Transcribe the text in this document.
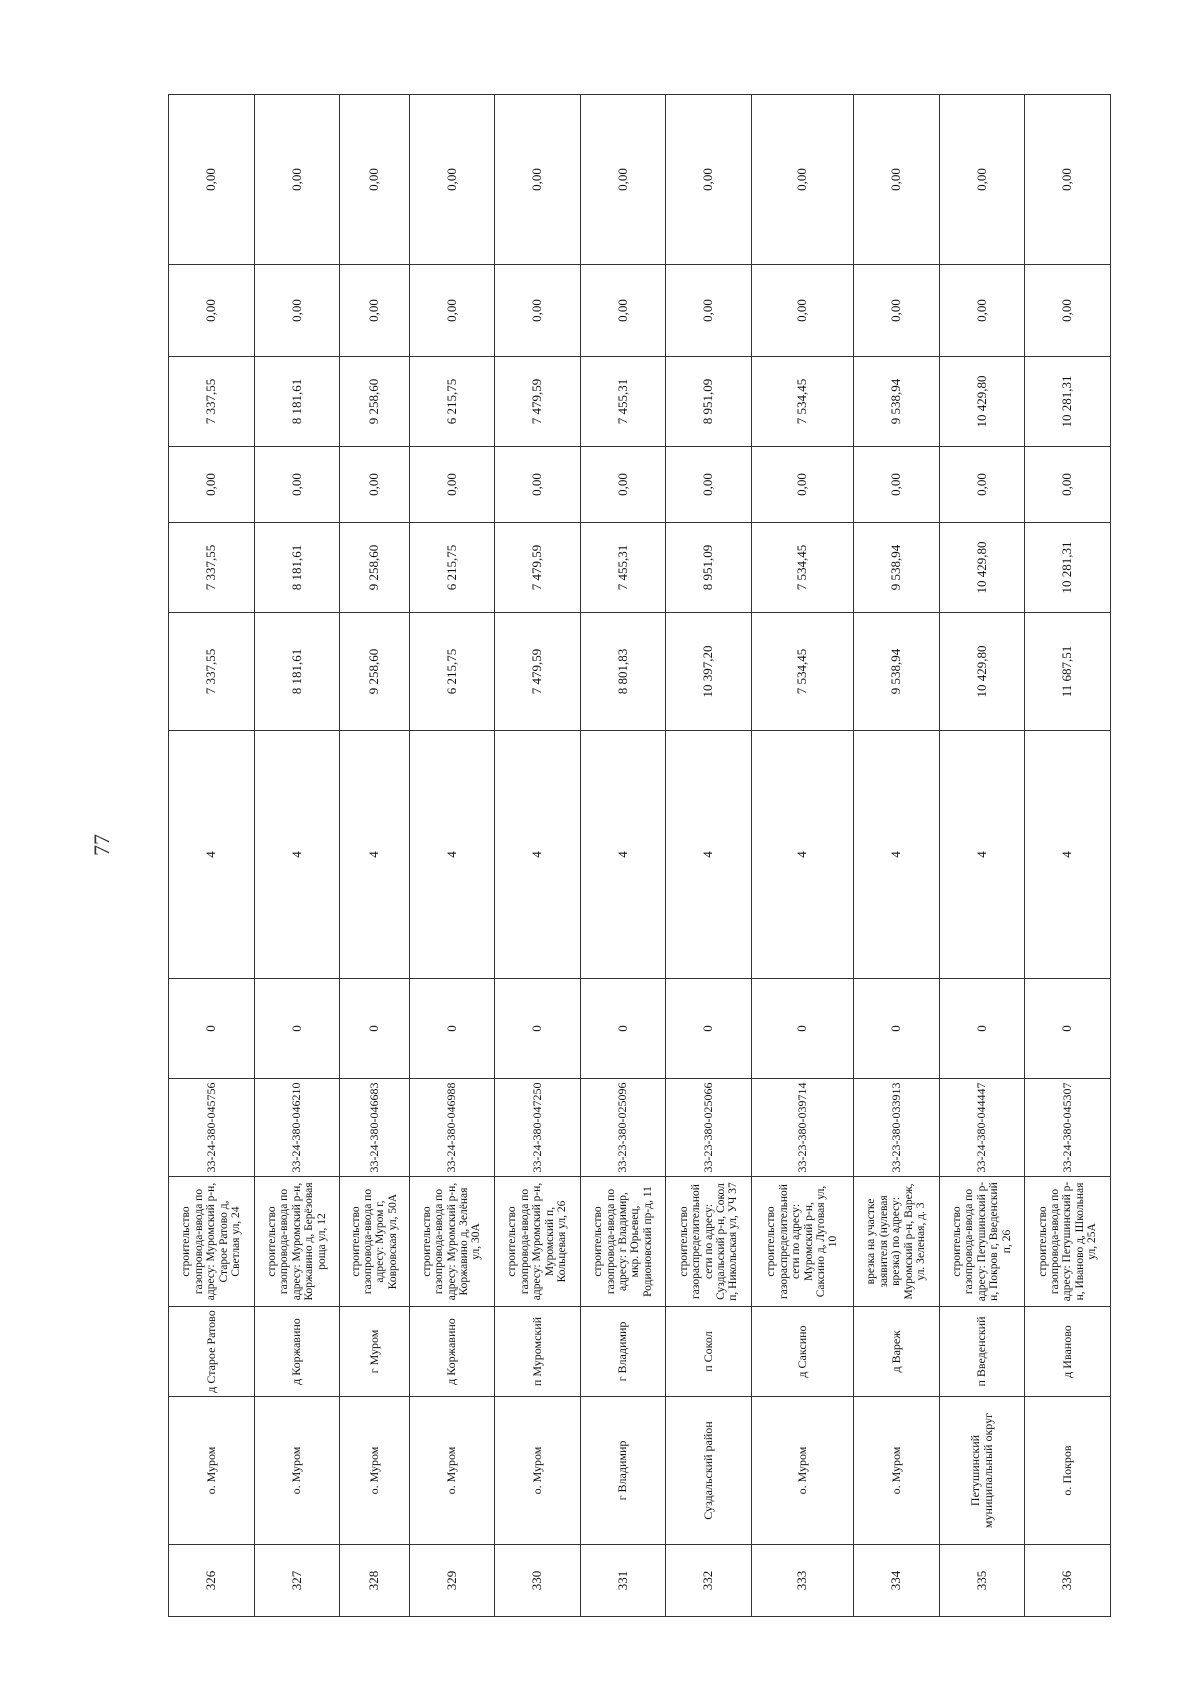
77
326	о. Муром	д Старое Ратово	строительство газопровода-ввода по адресу: Муромский р-н, Старое Ратово д, Светлая ул, 24	33-24-380-045756	0	4	7 337,55	7 337,55	0,00	7 337,55	0,00	0,00
327	о. Муром	д Коржавино	строительство газопровода-ввода по адресу: Муромский р-н, Коржавино д, Берёзовая роща ул, 12	33-24-380-046210	0	4	8 181,61	8 181,61	0,00	8 181,61	0,00	0,00
328	о. Муром	г Муром	строительство газопровода-ввода по адресу: Муром г, Ковровская ул, 50А	33-24-380-046683	0	4	9 258,60	9 258,60	0,00	9 258,60	0,00	0,00
329	о. Муром	д Коржавино	строительство газопровода-ввода по адресу: Муромский р-н, Коржавино д, Зелёная ул, 30А	33-24-380-046988	0	4	6 215,75	6 215,75	0,00	6 215,75	0,00	0,00
330	о. Муром	п Муромский	строительство газопровода-ввода по адресу: Муромский р-н, Муромский п, Кольцевая ул, 26	33-24-380-047250	0	4	7 479,59	7 479,59	0,00	7 479,59	0,00	0,00
331	г Владимир	г Владимир	строительство газопровода-ввода по адресу: г Владимир, мкр. Юрьевец, Родионовский пр-д, 11	33-23-380-025096	0	4	8 801,83	7 455,31	0,00	7 455,31	0,00	0,00
332	Суздальский район	п Сокол	строительство газораспределительной сети по адресу: Суздальский р-н, Сокол п, Никольская ул, УЧ 37	33-23-380-025066	0	4	10 397,20	8 951,09	0,00	8 951,09	0,00	0,00
333	о. Муром	д Саксино	строительство газораспределительной сети по адресу: Муромский р-н, Саксино д, Луговая ул, 10	33-23-380-039714	0	4	7 534,45	7 534,45	0,00	7 534,45	0,00	0,00
334	о. Муром	д Вареж	врезка на участке заявителя (нулевая врезка) по адресу: Муромский р-н, Вареж, ул. Зеленая, д. 3	33-23-380-033913	0	4	9 538,94	9 538,94	0,00	9 538,94	0,00	0,00
335	Петушинский муниципальный округ	п Введенский	строительство газопровода-ввода по адресу: Петушинский р-н, Покров г, Введенский п, 26	33-24-380-044447	0	4	10 429,80	10 429,80	0,00	10 429,80	0,00	0,00
336	о. Покров	д Иваново	строительство газопровода-ввода по адресу: Петушинский р-н, Иваново д, Школьная ул, 25А	33-24-380-045307	0	4	11 687,51	10 281,31	0,00	10 281,31	0,00	0,00
